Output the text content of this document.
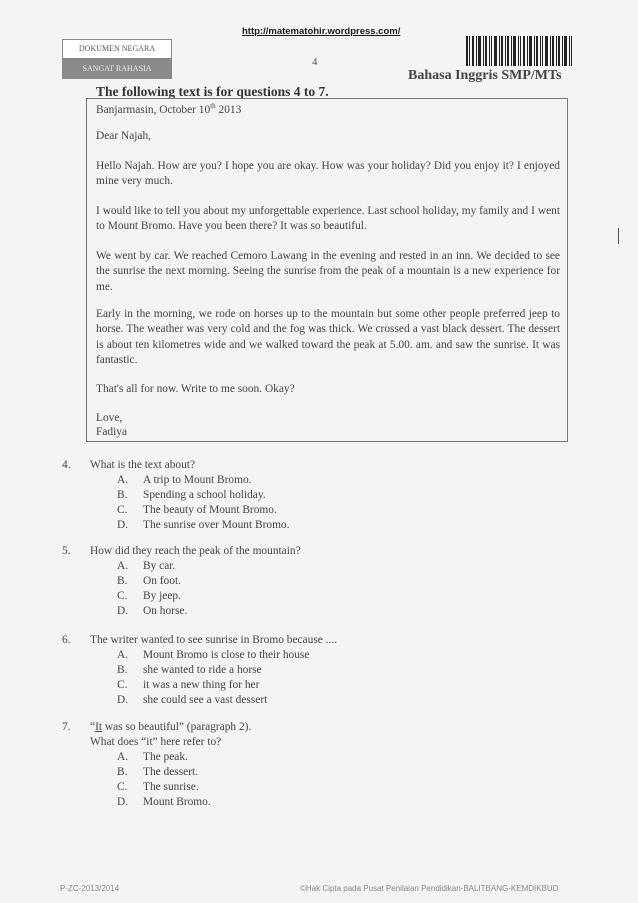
http://matematohir.wordpress.com/
DOKUMEN NEGARA
SANGAT RAHASIA
4
Bahasa Inggris SMP/MTs
The following text is for questions 4 to 7.
Banjarmasin, October 10th 2013
Dear Najah,

Hello Najah. How are you? I hope you are okay. How was your holiday? Did you enjoy it? I enjoyed mine very much.

I would like to tell you about my unforgettable experience. Last school holiday, my family and I went to Mount Bromo. Have you been there? It was so beautiful.

We went by car. We reached Cemoro Lawang in the evening and rested in an inn. We decided to see the sunrise the next morning. Seeing the sunrise from the peak of a mountain is a new experience for me.

Early in the morning, we rode on horses up to the mountain but some other people preferred jeep to horse. The weather was very cold and the fog was thick. We crossed a vast black dessert. The dessert is about ten kilometres wide and we walked toward the peak at 5.00. am. and saw the sunrise. It was fantastic.

That's all for now. Write to me soon. Okay?
Love,
Fadiya
4. What is the text about?
A. A trip to Mount Bromo.
B. Spending a school holiday.
C. The beauty of Mount Bromo.
D. The sunrise over Mount Bromo.
5. How did they reach the peak of the mountain?
A. By car.
B. On foot.
C. By jeep.
D. On horse.
6. The writer wanted to see sunrise in Bromo because ....
A. Mount Bromo is close to their house
B. she wanted to ride a horse
C. it was a new thing for her
D. she could see a vast dessert
7. “It was so beautiful” (paragraph 2).
What does “it” here refer to?
A. The peak.
B. The dessert.
C. The sunrise.
D. Mount Bromo.
P-ZC-2013/2014	©Hak Cipta pada Pusat Penilaian Pendidikan-BALITBANG-KEMDIKBUD
